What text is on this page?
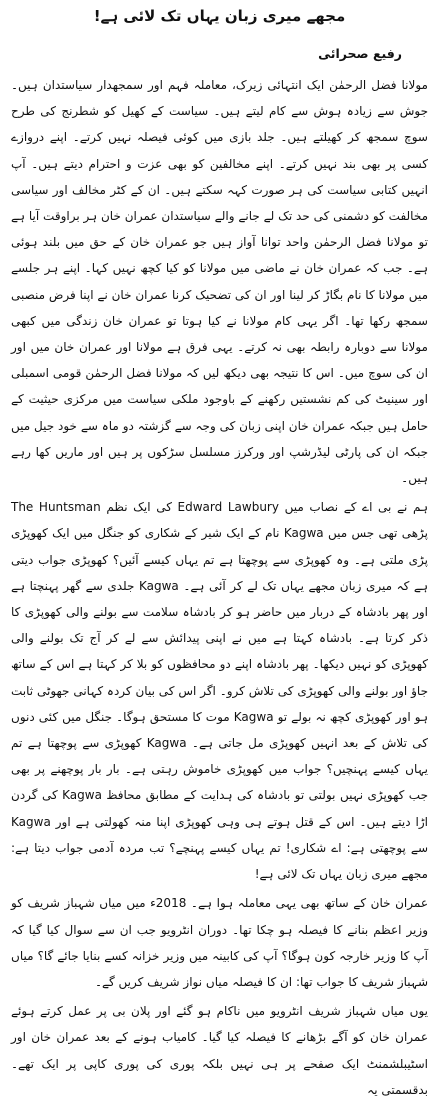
مجھے میری زبان یہاں تک لائی ہے!
رفیع صحرائی

مولانا فضل الرحمٰن ایک انتہائی زیرک، معاملہ فہم اور سمجھدار سیاستدان ہیں۔ جوش سے زیادہ ہوش سے کام لیتے ہیں۔ سیاست کے کھیل کو شطرنج کی طرح سوچ سمجھ کر کھیلتے ہیں۔ جلد بازی میں کوئی فیصلہ نہیں کرتے۔ اپنے دروازے کسی پر بھی بند نہیں کرتے۔ اپنے مخالفین کو بھی عزت و احترام دیتے ہیں۔ آپ انہیں کتابی سیاست کی ہر صورت کہہ سکتے ہیں۔ ان کے کٹر مخالف اور سیاسی مخالفت کو دشمنی کی حد تک لے جانے والے سیاستدان عمران خان ہر براوقت آیا ہے تو مولانا فضل الرحمٰن واحد توانا آواز ہیں جو عمران خان کے حق میں بلند ہوئی ہے۔ جب کہ عمران خان نے ماضی میں مولانا کو کیا کچھ نہیں کہا۔ اپنے ہر جلسے میں مولانا کا نام بگاڑ کر لینا اور ان کی تضحیک کرنا عمران خان نے اپنا فرض منصبی سمجھ رکھا تھا۔ اگر یہی کام مولانا نے کیا ہوتا تو عمران خان زندگی میں کبھی مولانا سے دوبارہ رابطہ بھی نہ کرتے۔ یہی فرق ہے مولانا اور عمران خان میں اور ان کی سوچ میں۔ اس کا نتیجہ بھی دیکھ لیں کہ مولانا فضل الرحمٰن قومی اسمبلی اور سینیٹ کی کم نشستیں رکھنے کے باوجود ملکی سیاست میں مرکزی حیثیت کے حامل ہیں جبکہ عمران خان اپنی زبان کی وجہ سے گزشتہ دو ماہ سے خود جیل میں جبکہ ان کی پارٹی لیڈرشپ اور ورکرز مسلسل سڑکوں پر ہیں اور ماریں کھا رہے ہیں۔

ہم نے بی اے کے نصاب میں Edward Lawbury کی ایک نظم The Huntsman پڑھی تھی جس میں Kagwa نام کے ایک شیر کے شکاری کو جنگل میں ایک کھوپڑی پڑی ملتی ہے۔ وہ کھوپڑی سے پوچھتا ہے تم یہاں کیسے آئیں؟ کھوپڑی جواب دیتی ہے کہ میری زبان مجھے یہاں تک لے کر آئی ہے۔ Kagwa جلدی سے گھر پہنچتا ہے اور پھر بادشاہ کے دربار میں حاضر ہو کر بادشاہ سلامت سے بولنے والی کھوپڑی کا ذکر کرتا ہے۔ بادشاہ کہتا ہے میں نے اپنی پیدائش سے لے کر آج تک بولنے والی کھوپڑی کو نہیں دیکھا۔ پھر بادشاہ اپنے دو محافظوں کو بلا کر کہتا ہے اس کے ساتھ جاؤ اور بولنے والی کھوپڑی کی تلاش کرو۔ اگر اس کی بیان کردہ کہانی جھوٹی ثابت ہو اور کھوپڑی کچھ نہ بولے تو Kagwa موت کا مستحق ہوگا۔ جنگل میں کئی دنوں کی تلاش کے بعد انہیں کھوپڑی مل جاتی ہے۔ Kagwa کھوپڑی سے پوچھتا ہے تم یہاں کیسے پہنچیں؟ جواب میں کھوپڑی خاموش رہتی ہے۔ بار بار پوچھنے پر بھی جب کھوپڑی نہیں بولتی تو بادشاہ کی ہدایت کے مطابق محافظ Kagwa کی گردن اڑا دیتے ہیں۔ اس کے قتل ہوتے ہی وہی کھوپڑی اپنا منہ کھولتی ہے اور Kagwa سے پوچھتی ہے: اے شکاری! تم یہاں کیسے پہنچے؟ تب مردہ آدمی جواب دیتا ہے: مجھے میری زبان یہاں تک لائی ہے!

عمران خان کے ساتھ بھی یہی معاملہ ہوا ہے۔ 2018ء میں میاں شہباز شریف کو وزیر اعظم بنانے کا فیصلہ ہو چکا تھا۔ دوران انٹرویو جب ان سے سوال کیا گیا کہ آپ کا وزیر خارجہ کون ہوگا؟ آپ کی کابینہ میں وزیر خزانہ کسے بنایا جائے گا؟ میاں شہباز شریف کا جواب تھا: ان کا فیصلہ میاں نواز شریف کریں گے۔

یوں میاں شہباز شریف انٹرویو میں ناکام ہو گئے اور پلان بی پر عمل کرتے ہوئے عمران خان کو آگے بڑھانے کا فیصلہ کیا گیا۔ کامیاب ہونے کے بعد عمران خان اور اسٹیبلشمنٹ ایک صفحے پر ہی نہیں بلکہ پوری کی پوری کاپی پر ایک تھے۔ بدقسمتی یہ
